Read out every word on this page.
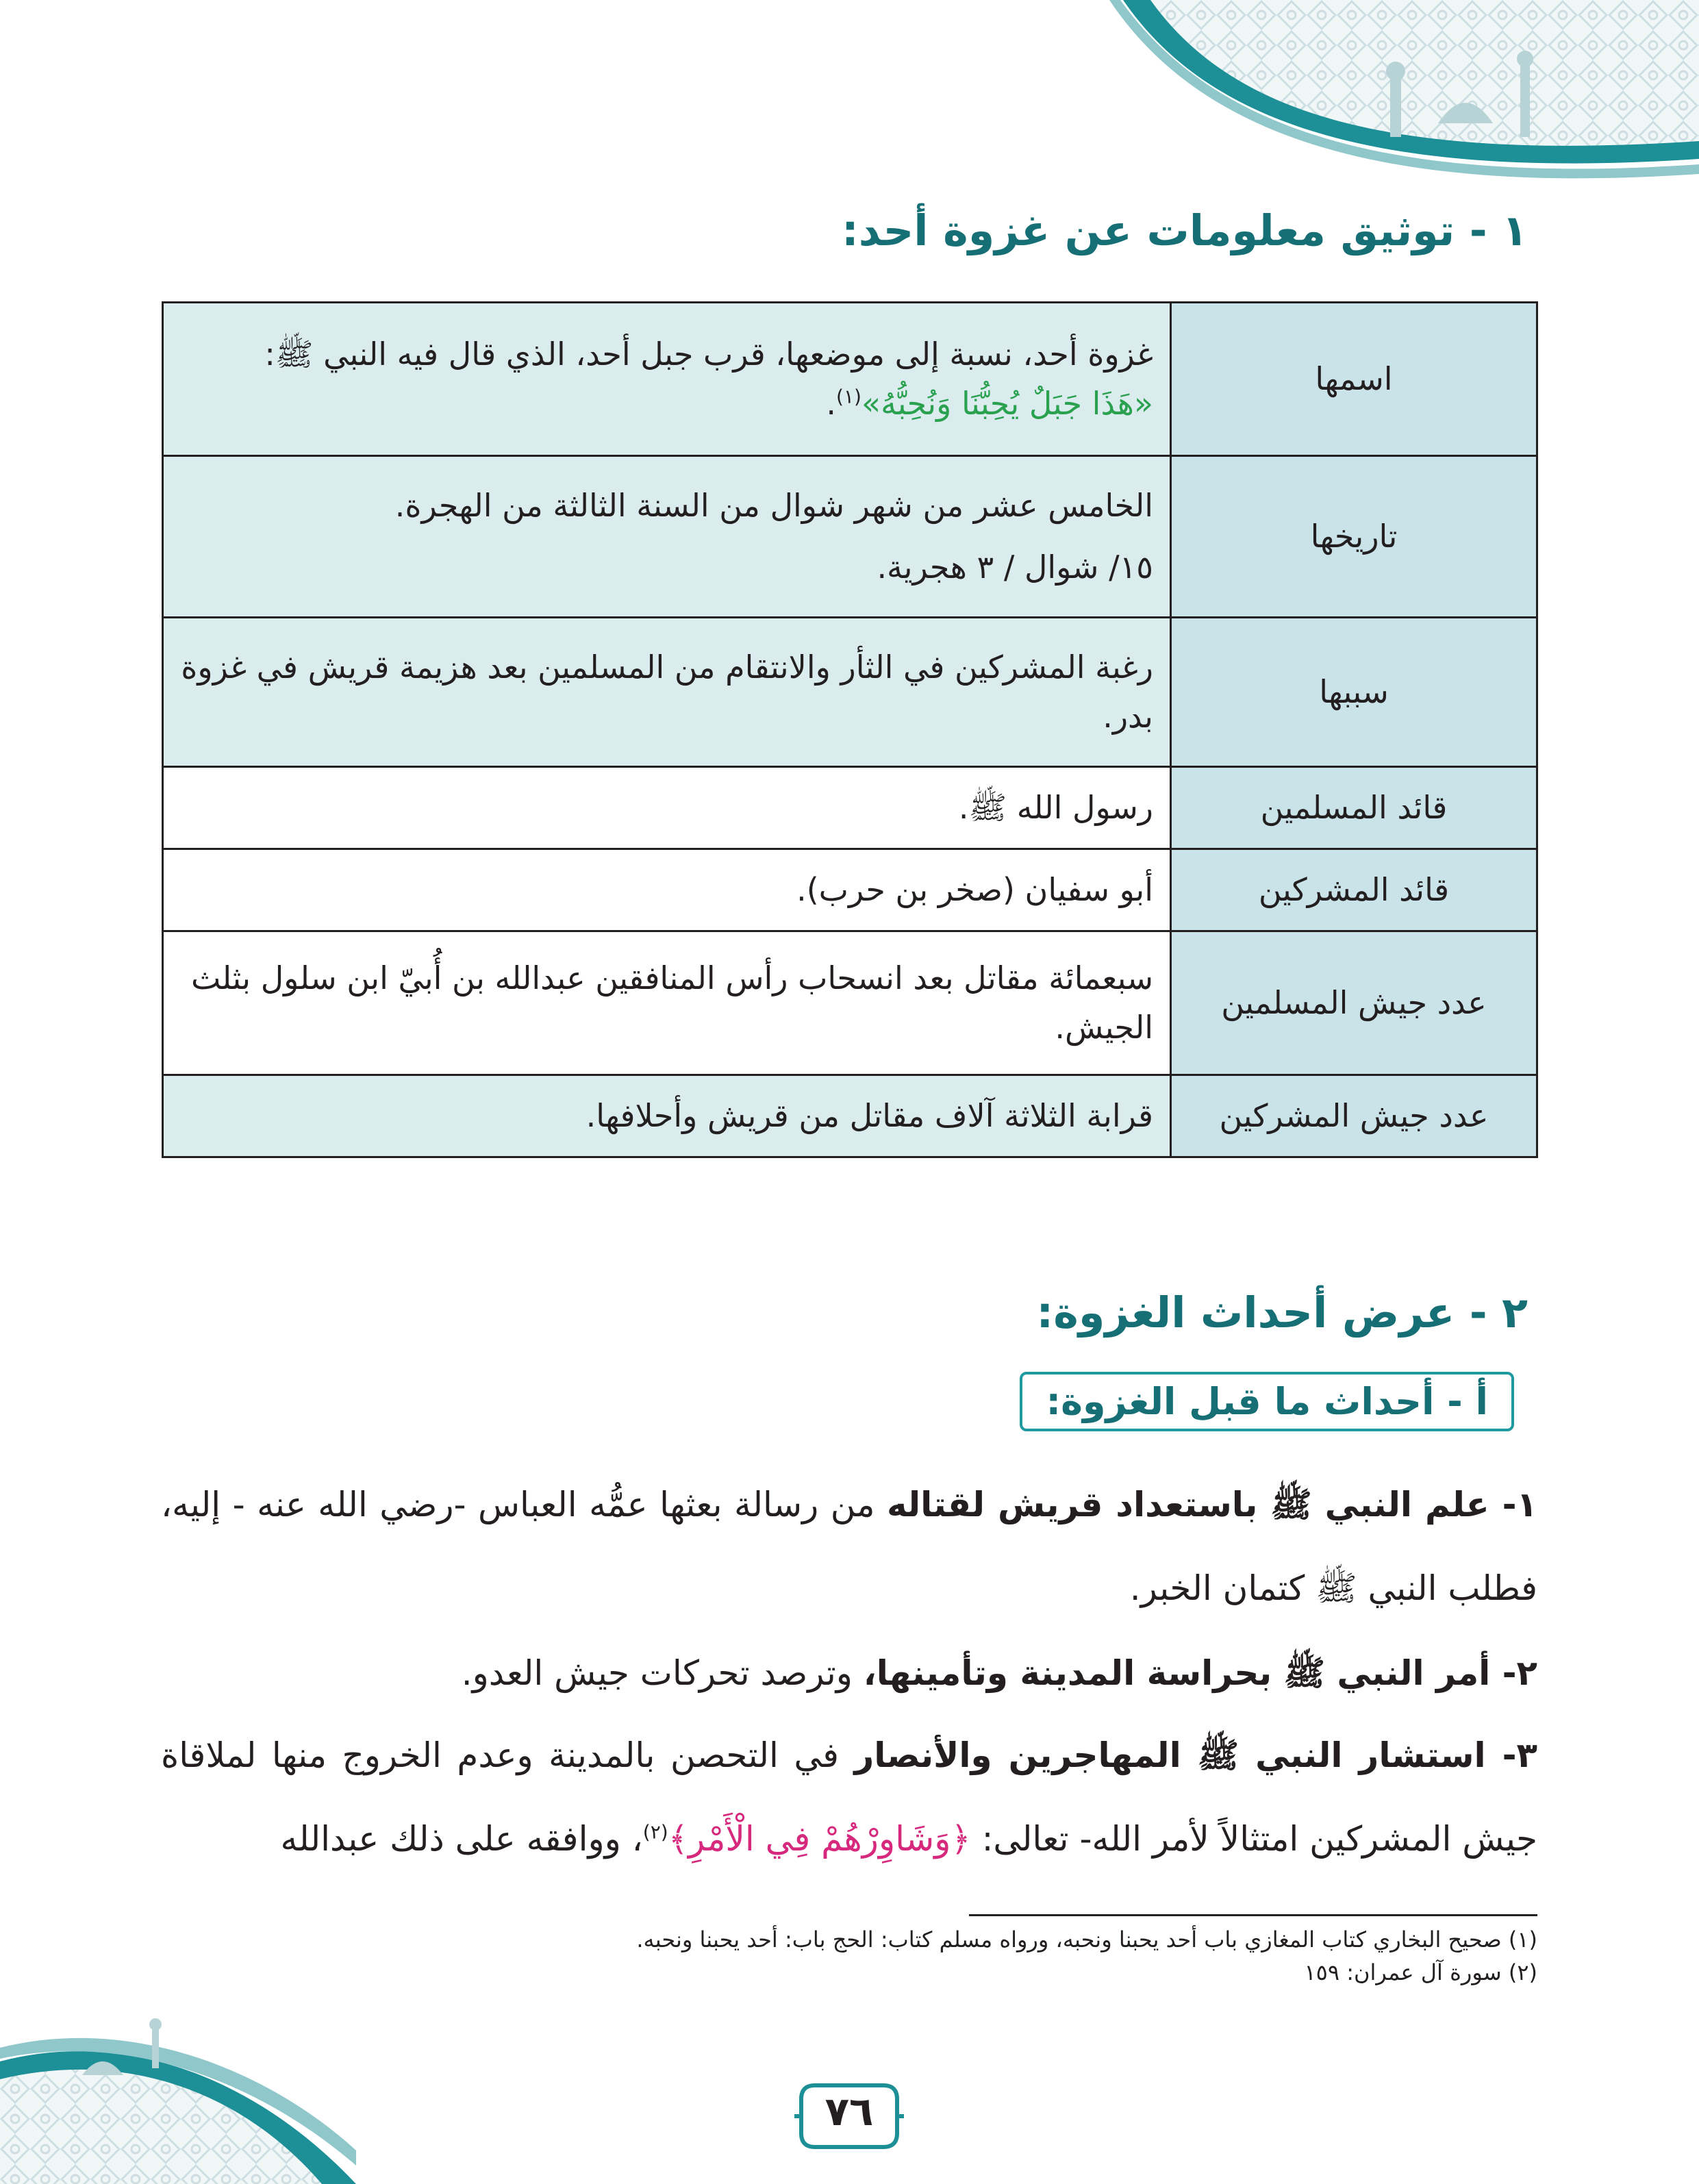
١ - توثيق معلومات عن غزوة أحد:
اسمها	غزوة أحد، نسبة إلى موضعها، قرب جبل أحد، الذي قال فيه النبي ﷺ:

«هَذَا جَبَلٌ يُحِبُّنَا وَنُحِبُّهُ»$^{(١)}$.

تاريخها	الخامس عشر من شهر شوال من السنة الثالثة من الهجرة.

١٥/ شوال / ٣ هجرية.

سببها	رغبة المشركين في الثأر والانتقام من المسلمين بعد هزيمة قريش في غزوة بدر.

قائد المسلمين	رسول الله ﷺ.

قائد المشركين	أبو سفيان (صخر بن حرب).

عدد جيش المسلمين	سبعمائة مقاتل بعد انسحاب رأس المنافقين عبدالله بن أُبيّ ابن سلول بثلث الجيش.

عدد جيش المشركين	قرابة الثلاثة آلاف مقاتل من قريش وأحلافها.

٢ - عرض أحداث الغزوة:
أ - أحداث ما قبل الغزوة:

١- علم النبي ﷺ باستعداد قريش لقتاله من رسالة بعثها عمُّه العباس -رضي الله عنه - إليه، فطلب النبي ﷺ كتمان الخبر.

٢- أمر النبي ﷺ بحراسة المدينة وتأمينها، وترصد تحركات جيش العدو.

٣- استشار النبي ﷺ المهاجرين والأنصار في التحصن بالمدينة وعدم الخروج منها لملاقاة جيش المشركين امتثالاً لأمر الله- تعالى: ﴿وَشَاوِرْهُمْ فِي الْأَمْرِ﴾$^{(٢)}$، ووافقه على ذلك عبدالله

(١) صحيح البخاري كتاب المغازي باب أحد يحبنا ونحبه، ورواه مسلم كتاب: الحج باب: أحد يحبنا ونحبه.

(٢) سورة آل عمران: ١٥٩

٧٦
